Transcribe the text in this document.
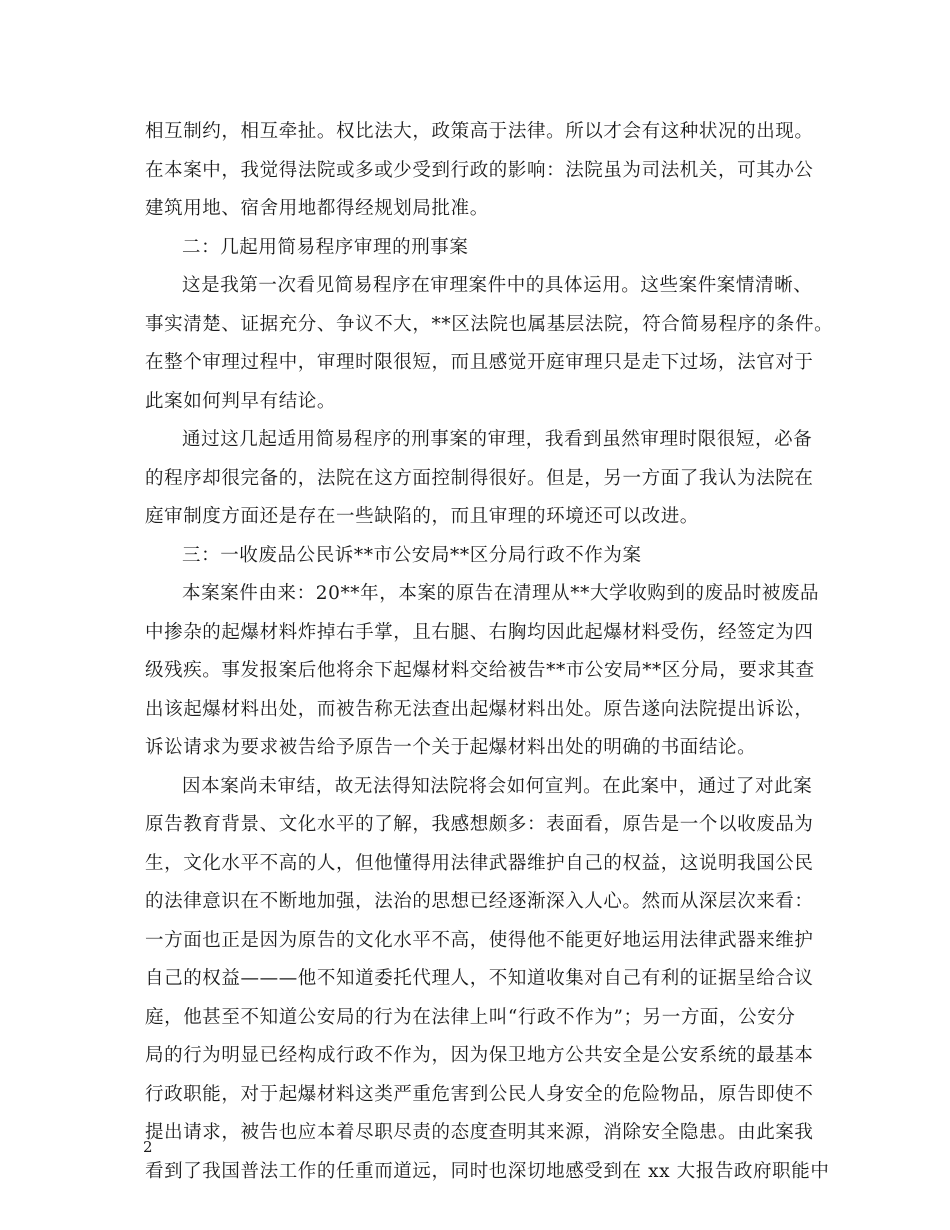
相互制约，相互牵扯。权比法大，政策高于法律。所以才会有这种状况的出现。
在本案中，我觉得法院或多或少受到行政的影响：法院虽为司法机关，可其办公
建筑用地、宿舍用地都得经规划局批准。
二：几起用简易程序审理的刑事案
这是我第一次看见简易程序在审理案件中的具体运用。这些案件案情清晰、
事实清楚、证据充分、争议不大，**区法院也属基层法院，符合简易程序的条件。
在整个审理过程中，审理时限很短，而且感觉开庭审理只是走下过场，法官对于
此案如何判早有结论。
通过这几起适用简易程序的刑事案的审理，我看到虽然审理时限很短，必备
的程序却很完备的，法院在这方面控制得很好。但是，另一方面了我认为法院在
庭审制度方面还是存在一些缺陷的，而且审理的环境还可以改进。
三：一收废品公民诉**市公安局**区分局行政不作为案
本案案件由来：20**年，本案的原告在清理从**大学收购到的废品时被废品
中掺杂的起爆材料炸掉右手掌，且右腿、右胸均因此起爆材料受伤，经签定为四
级残疾。事发报案后他将余下起爆材料交给被告**市公安局**区分局，要求其查
出该起爆材料出处，而被告称无法查出起爆材料出处。原告遂向法院提出诉讼，
诉讼请求为要求被告给予原告一个关于起爆材料出处的明确的书面结论。
因本案尚未审结，故无法得知法院将会如何宣判。在此案中，通过了对此案
原告教育背景、文化水平的了解，我感想颇多：表面看，原告是一个以收废品为
生，文化水平不高的人，但他懂得用法律武器维护自己的权益，这说明我国公民
的法律意识在不断地加强，法治的思想已经逐渐深入人心。然而从深层次来看：
一方面也正是因为原告的文化水平不高，使得他不能更好地运用法律武器来维护
自己的权益———他不知道委托代理人，不知道收集对自己有利的证据呈给合议
庭，他甚至不知道公安局的行为在法律上叫“行政不作为”；另一方面，公安分
局的行为明显已经构成行政不作为，因为保卫地方公共安全是公安系统的最基本
行政职能，对于起爆材料这类严重危害到公民人身安全的危险物品，原告即使不
提出请求，被告也应本着尽职尽责的态度查明其来源，消除安全隐患。由此案我
看到了我国普法工作的任重而道远，同时也深切地感受到在 xx 大报告政府职能中
2
